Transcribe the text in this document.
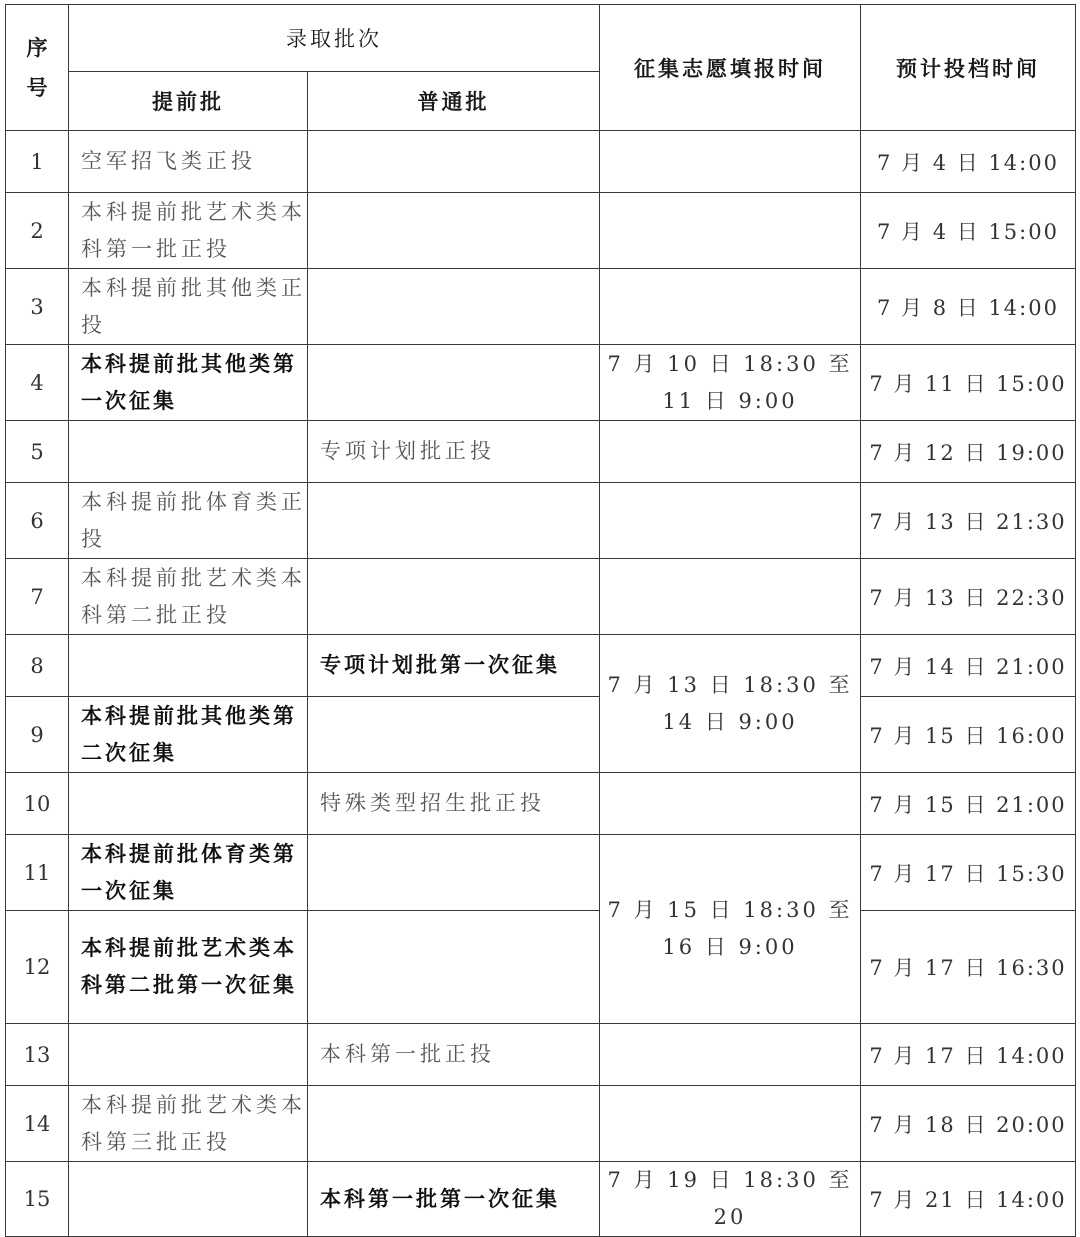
序
号	录取批次		征集志愿填报时间	预计投档时间
	提前批	普通批		
1	空军招飞类正投			7 月 4 日 14:00
2	本科提前批艺术类本科第一批正投			7 月 4 日 15:00
3	本科提前批其他类正投			7 月 8 日 14:00
4	本科提前批其他类第一次征集		7 月 10 日 18:30 至 11 日 9:00	7 月 11 日 15:00
5		专项计划批正投		7 月 12 日 19:00
6	本科提前批体育类正投			7 月 13 日 21:30
7	本科提前批艺术类本科第二批正投			7 月 13 日 22:30
8		专项计划批第一次征集	7 月 13 日 18:30 至 14 日 9:00	7 月 14 日 21:00
9	本科提前批其他类第二次征集			7 月 15 日 16:00
10		特殊类型招生批正投		7 月 15 日 21:00
11	本科提前批体育类第一次征集		7 月 15 日 18:30 至 16 日 9:00	7 月 17 日 15:30
12	本科提前批艺术类本科第二批第一次征集			7 月 17 日 16:30
13		本科第一批正投		7 月 17 日 14:00
14	本科提前批艺术类本科第三批正投			7 月 18 日 20:00
15		本科第一批第一次征集	7 月 19 日 18:30 至 20	7 月 21 日 14:00
